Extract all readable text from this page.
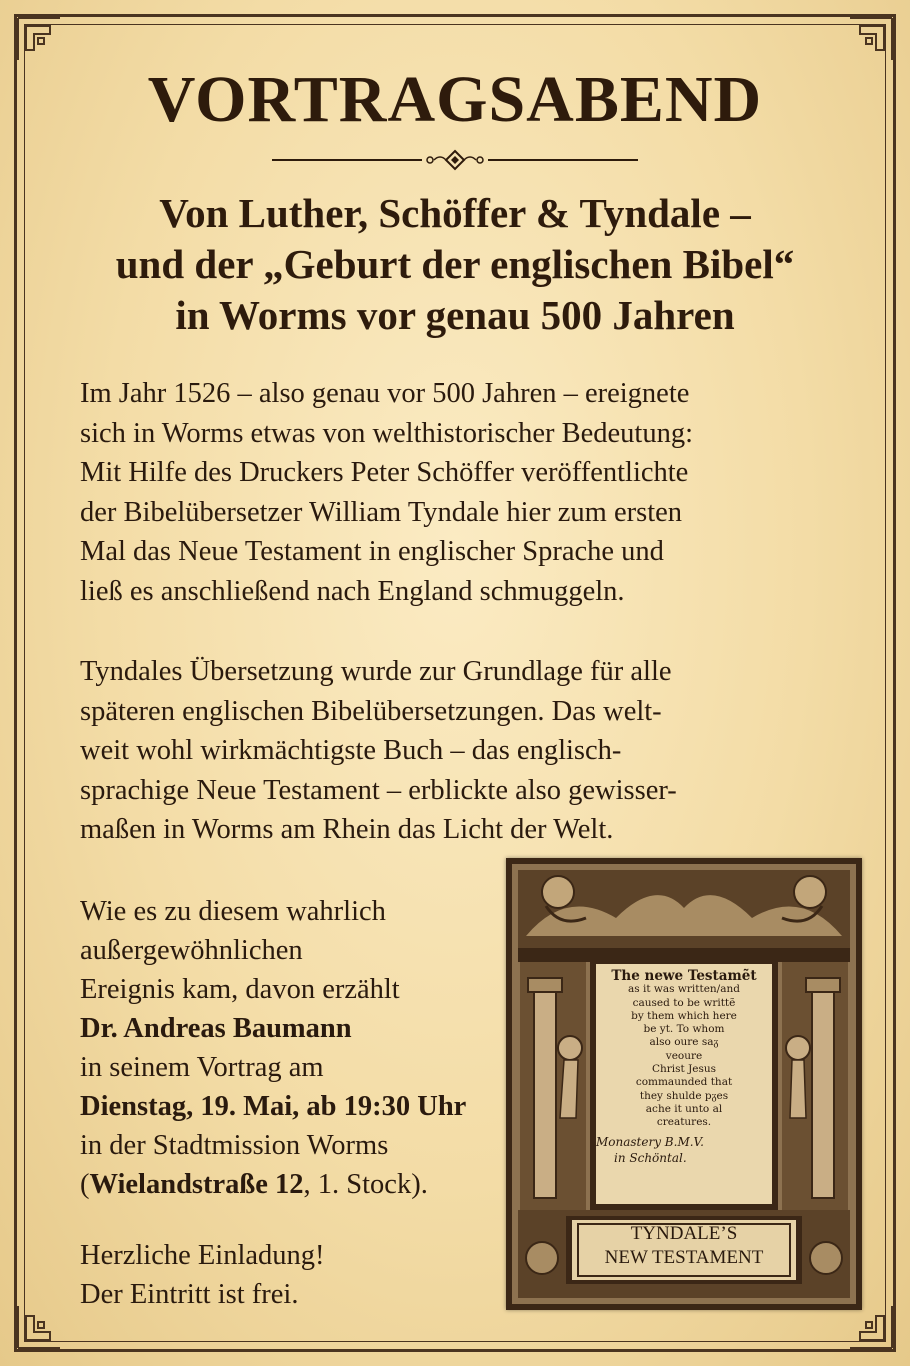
VORTRAGSABEND
Von Luther, Schöffer & Tyndale –
und der „Geburt der englischen Bibel“
in Worms vor genau 500 Jahren
Im Jahr 1526 – also genau vor 500 Jahren – ereignete
sich in Worms etwas von welthistorischer Bedeutung:
Mit Hilfe des Druckers Peter Schöffer veröffentlichte
der Bibelübersetzer William Tyndale hier zum ersten
Mal das Neue Testament in englischer Sprache und
ließ es anschließend nach England schmuggeln.
Tyndales Übersetzung wurde zur Grundlage für alle
späteren englischen Bibelübersetzungen. Das welt-
weit wohl wirkmächtigste Buch – das englisch-
sprachige Neue Testament – erblickte also gewisser-
maßen in Worms am Rhein das Licht der Welt.
Wie es zu diesem wahrlich
außergewöhnlichen
Ereignis kam, davon erzählt
Dr. Andreas Baumann
in seinem Vortrag am
Dienstag, 19. Mai, ab 19:30 Uhr
in der Stadtmission Worms
(Wielandstraße 12, 1. Stock).
Herzliche Einladung!
Der Eintritt ist frei.
The newe Testamẽt
as it was written/and
caused to be writtẽ
by them which here
be yt. To whom
also oure saᵹ
veoure
Christ Jesus
commaunded that
they shulde pᵹes
ache it unto al
creatures.
Monastery B.M.V.
in Schöntal.
TYNDALE’S
NEW TESTAMENT
